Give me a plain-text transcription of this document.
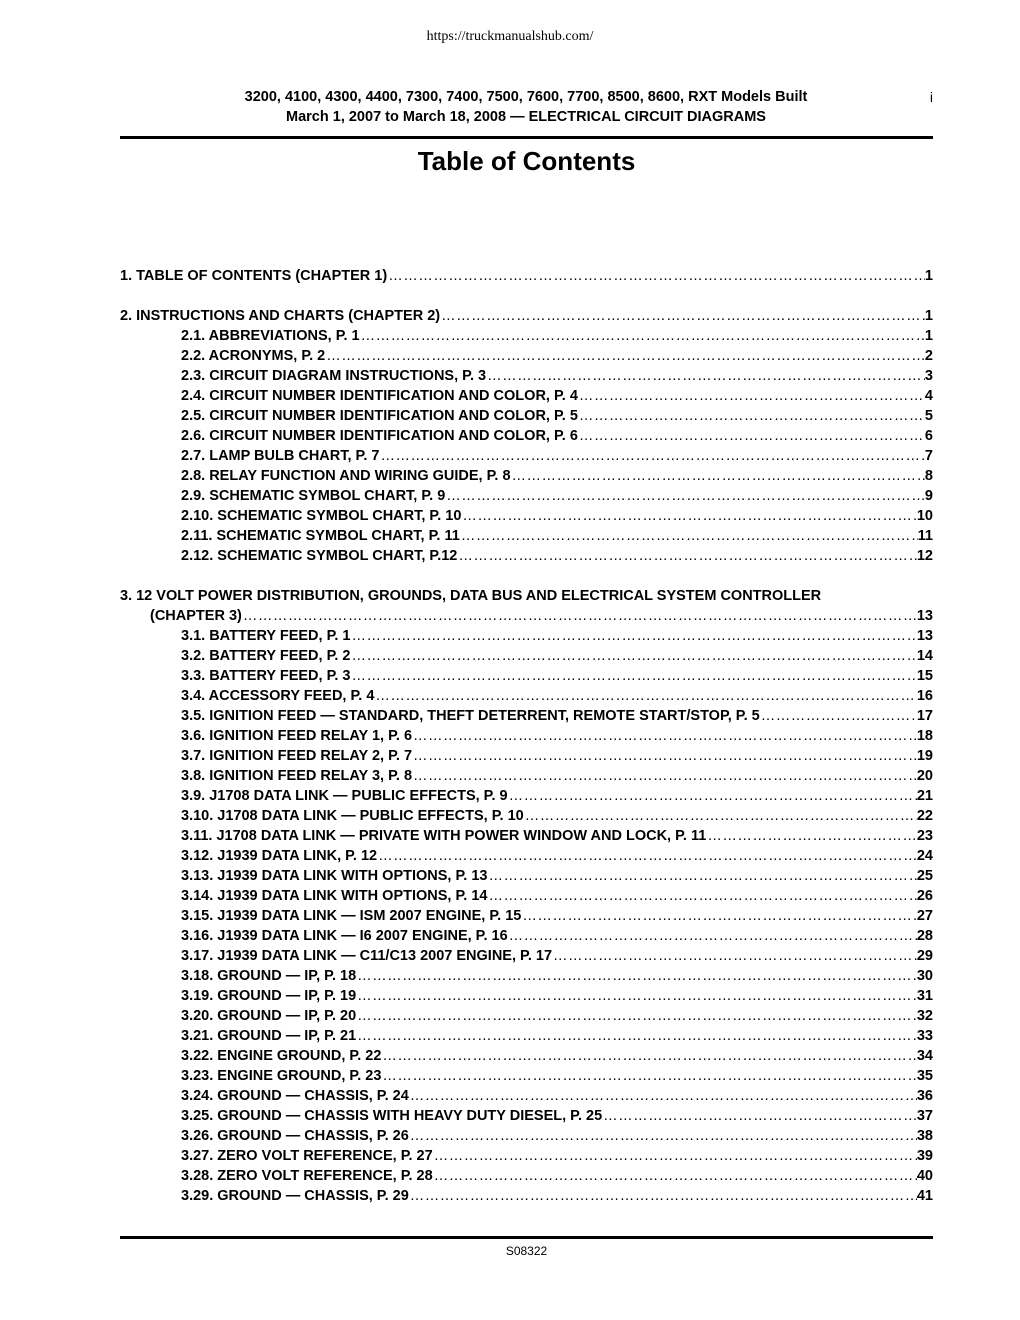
https://truckmanualshub.com/
3200, 4100, 4300, 4400, 7300, 7400, 7500, 7600, 7700, 8500, 8600, RXT Models Built
March 1, 2007 to March 18, 2008 — ELECTRICAL CIRCUIT DIAGRAMS
i
Table of Contents
1. TABLE OF CONTENTS (CHAPTER 1) ……………………………………………………………………………………………………………………………………………………………………………………………………………………………………………………………………	1
2. INSTRUCTIONS AND CHARTS (CHAPTER 2) ……………………………………………………………………………………………………………………………………………………………………………………………………………………………………………………………………	1
2.1. ABBREVIATIONS, P. 1 ……………………………………………………………………………………………………………………………………………………………………………………………………………………………………………………………………	1
2.2. ACRONYMS, P. 2 ……………………………………………………………………………………………………………………………………………………………………………………………………………………………………………………………………	2
2.3. CIRCUIT DIAGRAM INSTRUCTIONS, P. 3 ……………………………………………………………………………………………………………………………………………………………………………………………………………………………………………………………………	3
2.4. CIRCUIT NUMBER IDENTIFICATION AND COLOR, P. 4 ……………………………………………………………………………………………………………………………………………………………………………………………………………………………………………………………………	4
2.5. CIRCUIT NUMBER IDENTIFICATION AND COLOR, P. 5 ……………………………………………………………………………………………………………………………………………………………………………………………………………………………………………………………………	5
2.6. CIRCUIT NUMBER IDENTIFICATION AND COLOR, P. 6 ……………………………………………………………………………………………………………………………………………………………………………………………………………………………………………………………………	6
2.7. LAMP BULB CHART, P. 7 ……………………………………………………………………………………………………………………………………………………………………………………………………………………………………………………………………	7
2.8. RELAY FUNCTION AND WIRING GUIDE, P. 8 ……………………………………………………………………………………………………………………………………………………………………………………………………………………………………………………………………	8
2.9. SCHEMATIC SYMBOL CHART, P. 9 ……………………………………………………………………………………………………………………………………………………………………………………………………………………………………………………………………	9
2.10. SCHEMATIC SYMBOL CHART, P. 10 ……………………………………………………………………………………………………………………………………………………………………………………………………………………………………………………………………	10
2.11. SCHEMATIC SYMBOL CHART, P. 11 ……………………………………………………………………………………………………………………………………………………………………………………………………………………………………………………………………	11
2.12. SCHEMATIC SYMBOL CHART, P.12 ……………………………………………………………………………………………………………………………………………………………………………………………………………………………………………………………………	12
3. 12 VOLT POWER DISTRIBUTION, GROUNDS, DATA BUS AND ELECTRICAL SYSTEM CONTROLLER
(CHAPTER 3) ……………………………………………………………………………………………………………………………………………………………………………………………………………………………………………………………………	13
3.1. BATTERY FEED, P. 1 ……………………………………………………………………………………………………………………………………………………………………………………………………………………………………………………………………	13
3.2. BATTERY FEED, P. 2 ……………………………………………………………………………………………………………………………………………………………………………………………………………………………………………………………………	14
3.3. BATTERY FEED, P. 3 ……………………………………………………………………………………………………………………………………………………………………………………………………………………………………………………………………	15
3.4. ACCESSORY FEED, P. 4 ……………………………………………………………………………………………………………………………………………………………………………………………………………………………………………………………………	16
3.5. IGNITION FEED — STANDARD, THEFT DETERRENT, REMOTE START/STOP, P. 5 ……………………………………………………………………………………………………………………………………………………………………………………………………………………………………………………………………	17
3.6. IGNITION FEED RELAY 1, P. 6 ……………………………………………………………………………………………………………………………………………………………………………………………………………………………………………………………………	18
3.7. IGNITION FEED RELAY 2, P. 7 ……………………………………………………………………………………………………………………………………………………………………………………………………………………………………………………………………	19
3.8. IGNITION FEED RELAY 3, P. 8 ……………………………………………………………………………………………………………………………………………………………………………………………………………………………………………………………………	20
3.9. J1708 DATA LINK — PUBLIC EFFECTS, P. 9 ……………………………………………………………………………………………………………………………………………………………………………………………………………………………………………………………………	21
3.10. J1708 DATA LINK — PUBLIC EFFECTS, P. 10 ……………………………………………………………………………………………………………………………………………………………………………………………………………………………………………………………………	22
3.11. J1708 DATA LINK — PRIVATE WITH POWER WINDOW AND LOCK, P. 11 ……………………………………………………………………………………………………………………………………………………………………………………………………………………………………………………………………	23
3.12. J1939 DATA LINK, P. 12 ……………………………………………………………………………………………………………………………………………………………………………………………………………………………………………………………………	24
3.13. J1939 DATA LINK WITH OPTIONS, P. 13 ……………………………………………………………………………………………………………………………………………………………………………………………………………………………………………………………………	25
3.14. J1939 DATA LINK WITH OPTIONS, P. 14 ……………………………………………………………………………………………………………………………………………………………………………………………………………………………………………………………………	26
3.15. J1939 DATA LINK — ISM 2007 ENGINE, P. 15 ……………………………………………………………………………………………………………………………………………………………………………………………………………………………………………………………………	27
3.16. J1939 DATA LINK — I6 2007 ENGINE, P. 16 ……………………………………………………………………………………………………………………………………………………………………………………………………………………………………………………………………	28
3.17. J1939 DATA LINK — C11/C13 2007 ENGINE, P. 17 ……………………………………………………………………………………………………………………………………………………………………………………………………………………………………………………………………	29
3.18. GROUND — IP, P. 18 ……………………………………………………………………………………………………………………………………………………………………………………………………………………………………………………………………	30
3.19. GROUND — IP, P. 19 ……………………………………………………………………………………………………………………………………………………………………………………………………………………………………………………………………	31
3.20. GROUND — IP, P. 20 ……………………………………………………………………………………………………………………………………………………………………………………………………………………………………………………………………	32
3.21. GROUND — IP, P. 21 ……………………………………………………………………………………………………………………………………………………………………………………………………………………………………………………………………	33
3.22. ENGINE GROUND, P. 22 ……………………………………………………………………………………………………………………………………………………………………………………………………………………………………………………………………	34
3.23. ENGINE GROUND, P. 23 ……………………………………………………………………………………………………………………………………………………………………………………………………………………………………………………………………	35
3.24. GROUND — CHASSIS, P. 24 ……………………………………………………………………………………………………………………………………………………………………………………………………………………………………………………………………	36
3.25. GROUND — CHASSIS WITH HEAVY DUTY DIESEL, P. 25 ……………………………………………………………………………………………………………………………………………………………………………………………………………………………………………………………………	37
3.26. GROUND — CHASSIS, P. 26 ……………………………………………………………………………………………………………………………………………………………………………………………………………………………………………………………………	38
3.27. ZERO VOLT REFERENCE, P. 27 ……………………………………………………………………………………………………………………………………………………………………………………………………………………………………………………………………	39
3.28. ZERO VOLT REFERENCE, P. 28 ……………………………………………………………………………………………………………………………………………………………………………………………………………………………………………………………………	40
3.29. GROUND — CHASSIS, P. 29 ……………………………………………………………………………………………………………………………………………………………………………………………………………………………………………………………………	41
S08322
